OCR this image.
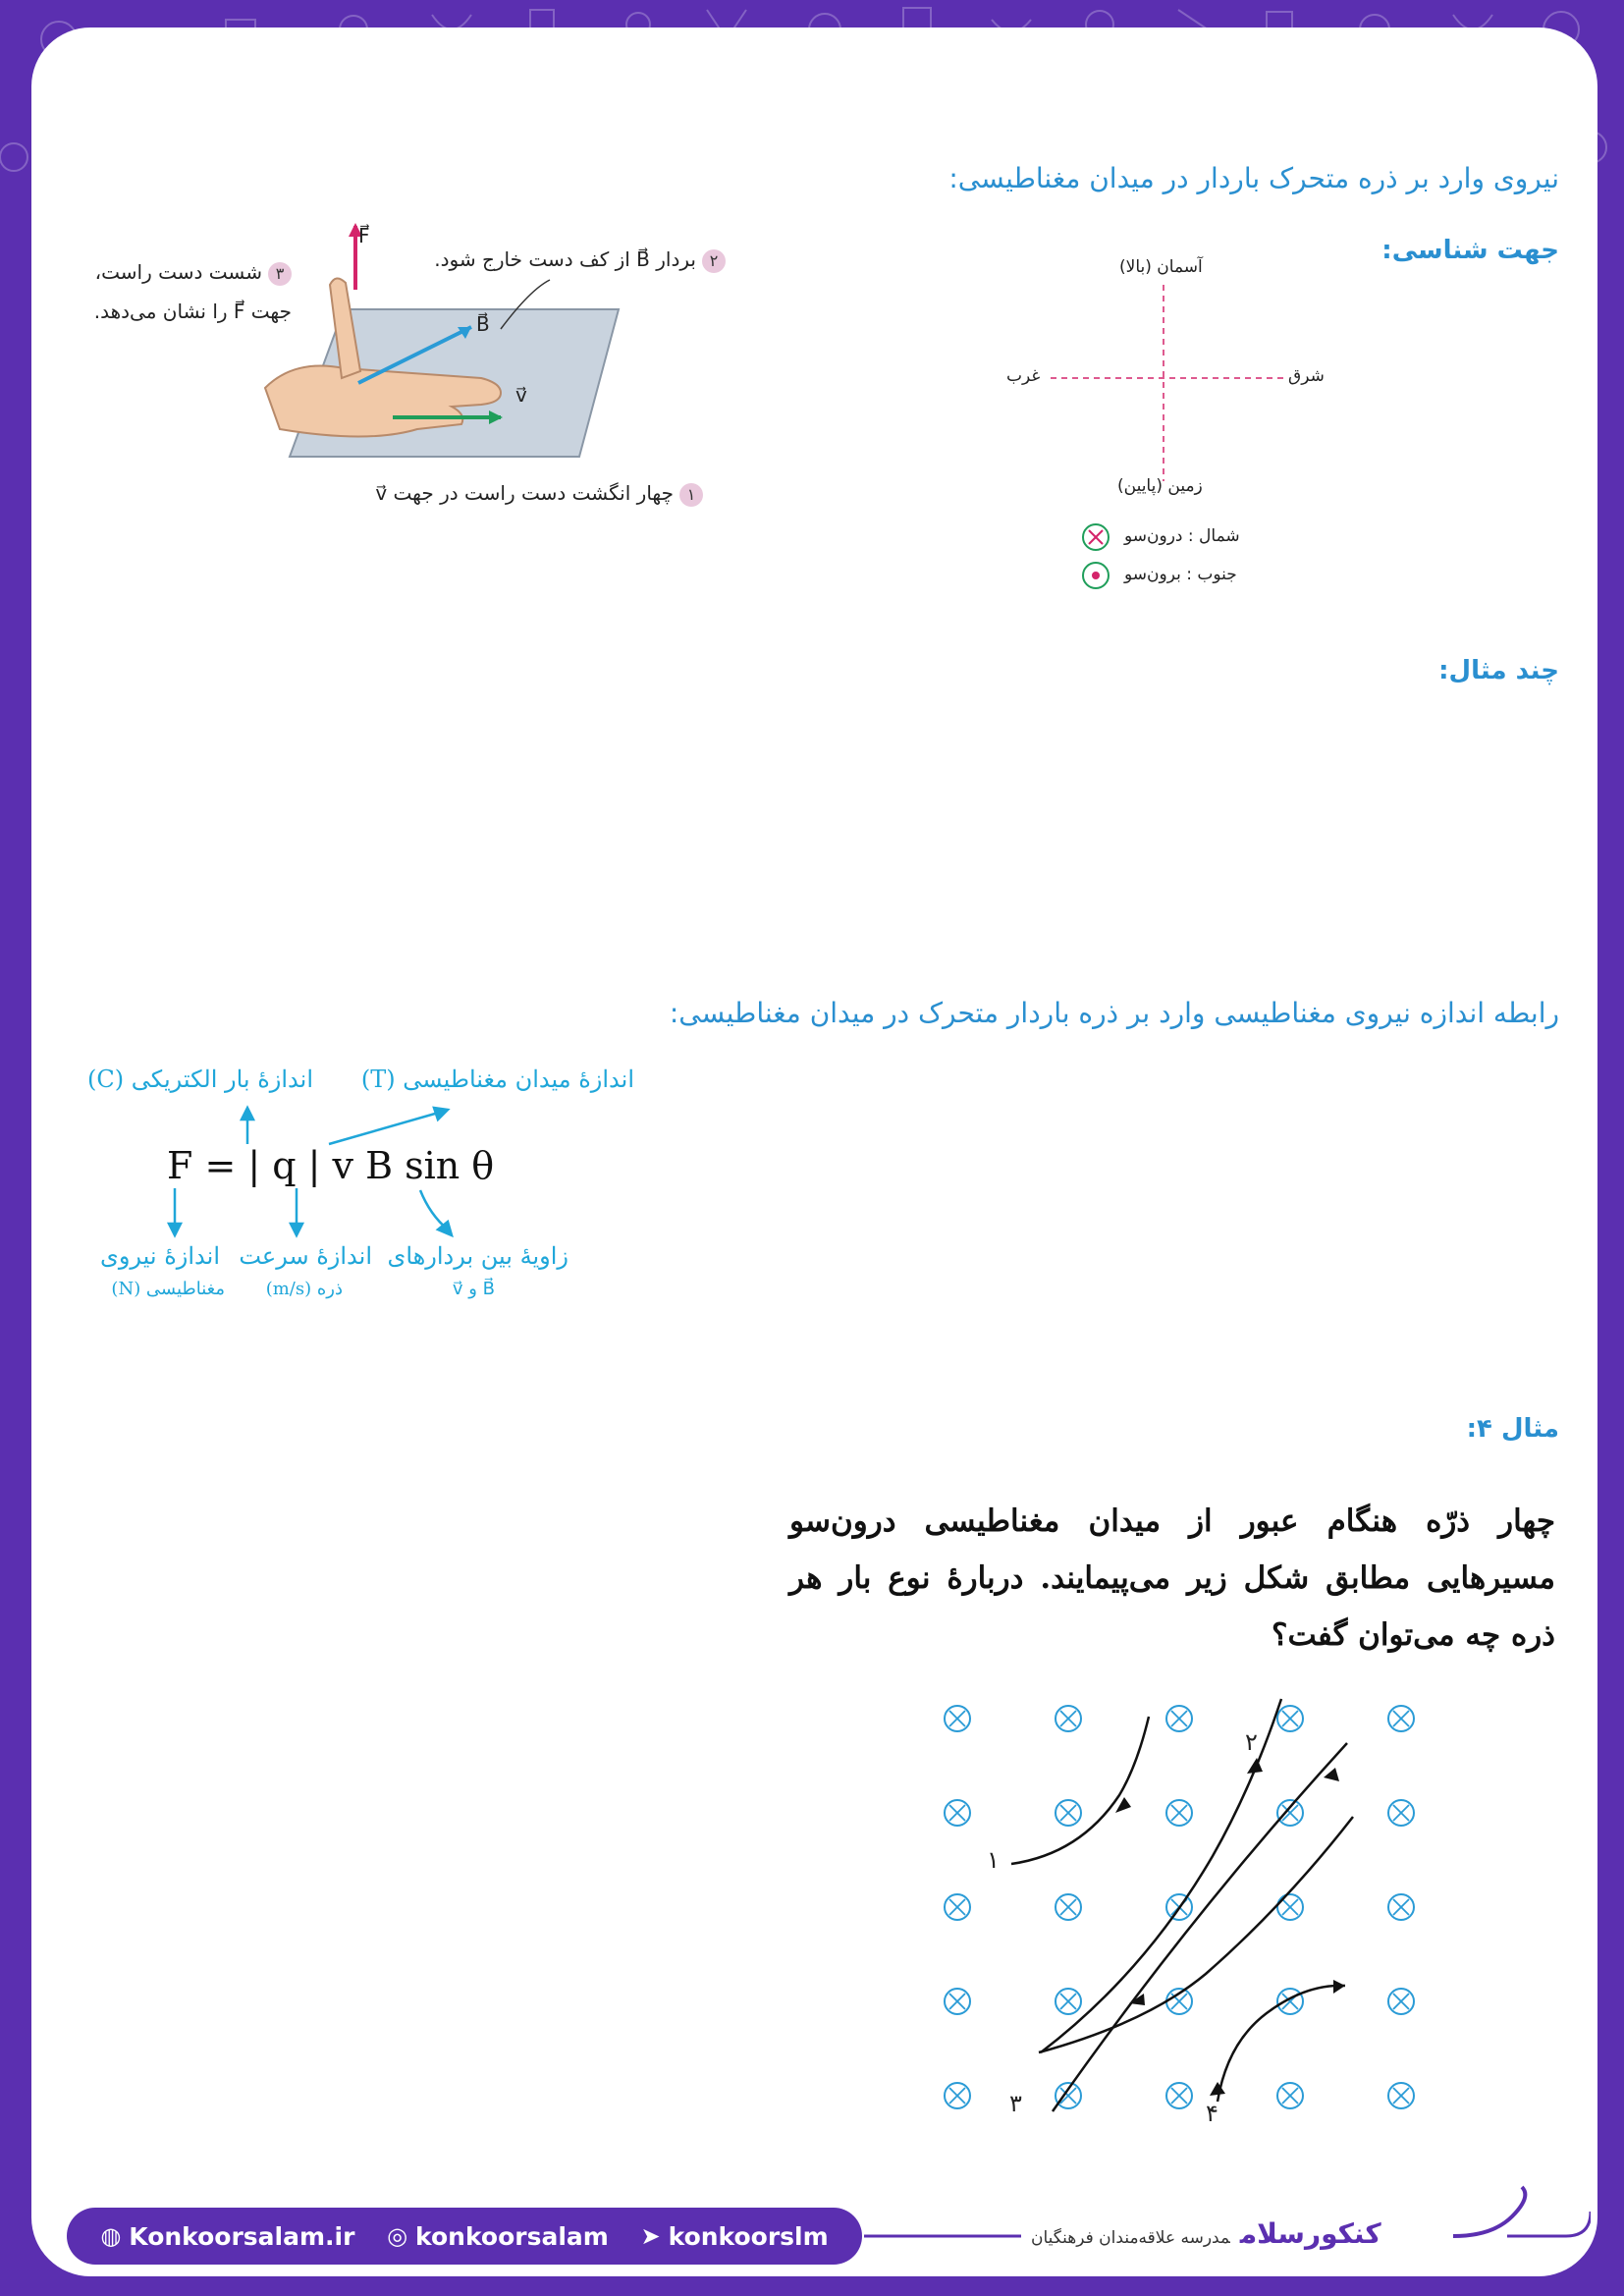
نیروی وارد بر ذره متحرک باردار در میدان مغناطیسی:
جهت شناسی:
چند مثال:
رابطه اندازه نیروی مغناطیسی وارد بر ذره باردار متحرک در میدان مغناطیسی:
مثال ۴:
F⃗
B⃗
v⃗
۳شست دست راست،
جهت F⃗ را نشان می‌دهد.
۲بردار B⃗ از کف دست خارج شود.
۱چهار انگشت دست راست در جهت v⃗
آسمان (بالا)
زمین (پایین)
شرق
غرب
شمال : درون‌سو
جنوب : برون‌سو
F = | q | v B sin θ
اندازهٔ بار الکتریکی (C) اندازهٔ میدان مغناطیسی (T)
اندازهٔ نیروی
مغناطیسی (N)
اندازهٔ سرعت
ذره (m/s)
زاویهٔ بین بردارهای
B⃗ و v⃗
چهار ذرّه هنگام عبور از میدان مغناطیسی درون‌سو مسیرهایی مطابق شکل زیر می‌پیمایند. دربارهٔ نوع بار هر ذره چه می‌توان گفت؟
۱
۲
۳	۴
◍ Konkoorsalam.ir ◎ konkoorsalam ➤ konkoorslm	کنکورسلاممدرسه علاقه‌مندان فرهنگیان
